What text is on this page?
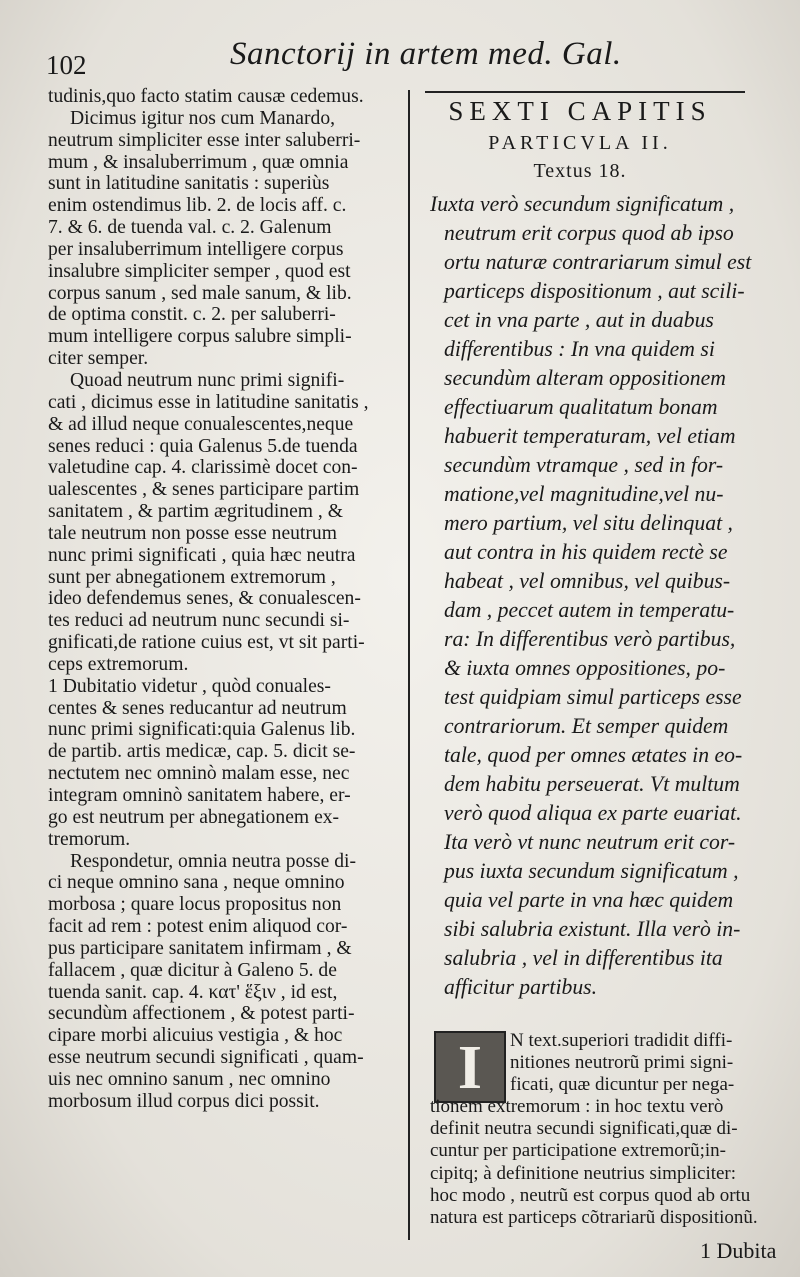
102	Sanctorij in artem med. Gal.
tudinis,quo facto statim causæ cedemus.
Dicimus igitur nos cum Manardo,
neutrum simpliciter esse inter saluberri-
mum , & insaluberrimum , quæ omnia
sunt in latitudine sanitatis : superiùs
enim ostendimus lib. 2. de locis aff. c.
7. & 6. de tuenda val. c. 2. Galenum
per insaluberrimum intelligere corpus
insalubre simpliciter semper , quod est
corpus sanum , sed male sanum, & lib.
de optima constit. c. 2. per saluberri-
mum intelligere corpus salubre simpli-
citer semper.
Quoad neutrum nunc primi signifi-
cati , dicimus esse in latitudine sanitatis ,
& ad illud neque conualescentes,neque
senes reduci : quia Galenus 5.de tuenda
valetudine cap. 4. clarissimè docet con-
ualescentes , & senes participare partim
sanitatem , & partim ægritudinem , &
tale neutrum non posse esse neutrum
nunc primi significati , quia hæc neutra
sunt per abnegationem extremorum ,
ideo defendemus senes, & conualescen-
tes reduci ad neutrum nunc secundi si-
gnificati,de ratione cuius est, vt sit parti-
ceps extremorum.
1 Dubitatio videtur , quòd conuales-
centes & senes reducantur ad neutrum
nunc primi significati:quia Galenus lib.
de partib. artis medicæ, cap. 5. dicit se-
nectutem nec omninò malam esse, nec
integram omninò sanitatem habere, er-
go est neutrum per abnegationem ex-
tremorum.
Respondetur, omnia neutra posse di-
ci neque omnino sana , neque omnino
morbosa ; quare locus propositus non
facit ad rem : potest enim aliquod cor-
pus participare sanitatem infirmam , &
fallacem , quæ dicitur à Galeno 5. de
tuenda sanit. cap. 4. κατ' ἕξιν , id est,
secundùm affectionem , & potest parti-
cipare morbi alicuius vestigia , & hoc
esse neutrum secundi significati , quam-
uis nec omnino sanum , nec omnino
morbosum illud corpus dici possit.
SEXTI CAPITIS
PARTICVLA II.
Textus 18.
Iuxta verò secundum significatum ,
neutrum erit corpus quod ab ipso
ortu naturæ contrariarum simul est
particeps dispositionum , aut scili-
cet in vna parte , aut in duabus
differentibus : In vna quidem si
secundùm alteram oppositionem
effectiuarum qualitatum bonam
habuerit temperaturam, vel etiam
secundùm vtramque , sed in for-
matione,vel magnitudine,vel nu-
mero partium, vel situ delinquat ,
aut contra in his quidem rectè se
habeat , vel omnibus, vel quibus-
dam , peccet autem in temperatu-
ra: In differentibus verò partibus,
& iuxta omnes oppositiones, po-
test quidpiam simul particeps esse
contrariorum. Et semper quidem
tale, quod per omnes ætates in eo-
dem habitu perseuerat. Vt multum
verò quod aliqua ex parte euariat.
Ita verò vt nunc neutrum erit cor-
pus iuxta secundum significatum ,
quia vel parte in vna hæc quidem
sibi salubria existunt. Illa verò in-
salubria , vel in differentibus ita
afficitur partibus.
I	N text.superiori tradidit diffi-
nitiones neutrorũ primi signi-
ficati, quæ dicuntur per nega-
tionem extremorum : in hoc textu verò
definit neutra secundi significati,quæ di-
cuntur per participatione extremorũ;in-
cipitq; à definitione neutrius simpliciter:
hoc modo , neutrũ est corpus quod ab ortu
natura est particeps cõtrariarũ dispositionũ.
1 Dubita
